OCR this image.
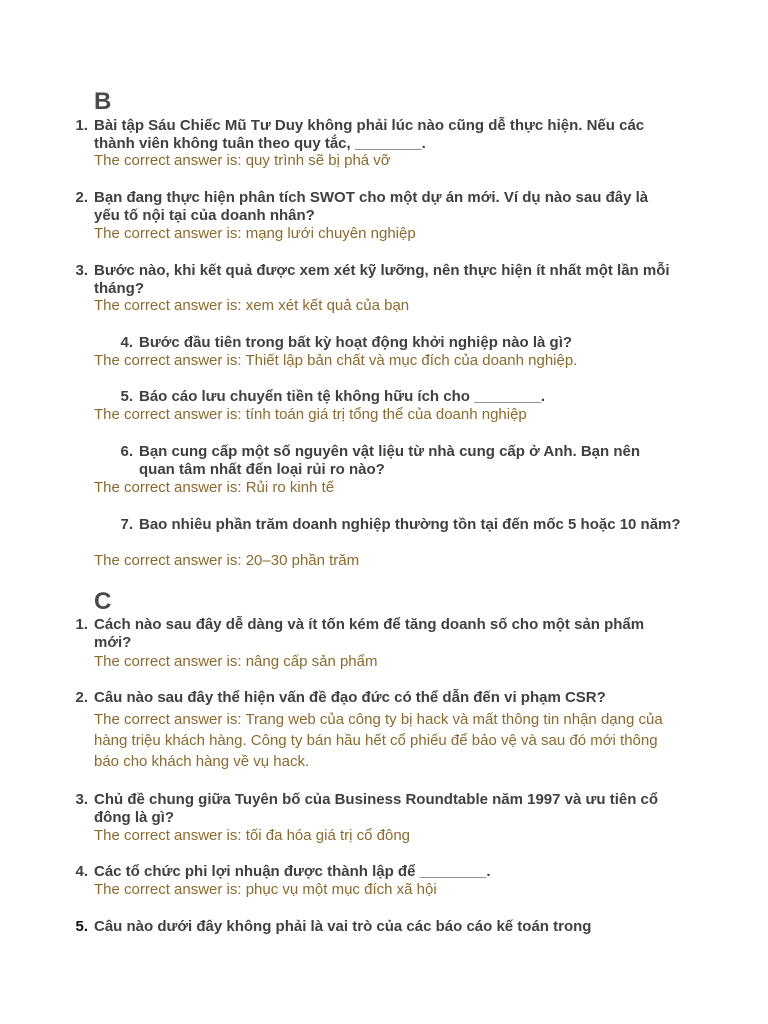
B
1. Bài tập Sáu Chiếc Mũ Tư Duy không phải lúc nào cũng dễ thực hiện. Nếu các thành viên không tuân theo quy tắc, ________.
The correct answer is: quy trình sẽ bị phá vỡ
2. Bạn đang thực hiện phân tích SWOT cho một dự án mới. Ví dụ nào sau đây là yếu tố nội tại của doanh nhân?
The correct answer is: mạng lưới chuyên nghiệp
3. Bước nào, khi kết quả được xem xét kỹ lưỡng, nên thực hiện ít nhất một lần mỗi tháng?
The correct answer is: xem xét kết quả của bạn
4. Bước đầu tiên trong bất kỳ hoạt động khởi nghiệp nào là gì?
The correct answer is: Thiết lập bản chất và mục đích của doanh nghiệp.
5. Báo cáo lưu chuyển tiền tệ không hữu ích cho ________.
The correct answer is: tính toán giá trị tổng thể của doanh nghiệp
6. Bạn cung cấp một số nguyên vật liệu từ nhà cung cấp ở Anh. Bạn nên quan tâm nhất đến loại rủi ro nào?
The correct answer is: Rủi ro kinh tế
7. Bao nhiêu phần trăm doanh nghiệp thường tồn tại đến mốc 5 hoặc 10 năm?
The correct answer is: 20–30 phần trăm
C
1. Cách nào sau đây dễ dàng và ít tốn kém để tăng doanh số cho một sản phẩm mới?
The correct answer is: nâng cấp sản phẩm
2. Câu nào sau đây thể hiện vấn đề đạo đức có thể dẫn đến vi phạm CSR?
The correct answer is: Trang web của công ty bị hack và mất thông tin nhận dạng của hàng triệu khách hàng. Công ty bán hầu hết cổ phiếu để bảo vệ và sau đó mới thông báo cho khách hàng về vụ hack.
3. Chủ đề chung giữa Tuyên bố của Business Roundtable năm 1997 và ưu tiên cổ đông là gì?
The correct answer is: tối đa hóa giá trị cổ đông
4. Các tổ chức phi lợi nhuận được thành lập để ________.
The correct answer is: phục vụ một mục đích xã hội
5. Câu nào dưới đây không phải là vai trò của các báo cáo kế toán trong
